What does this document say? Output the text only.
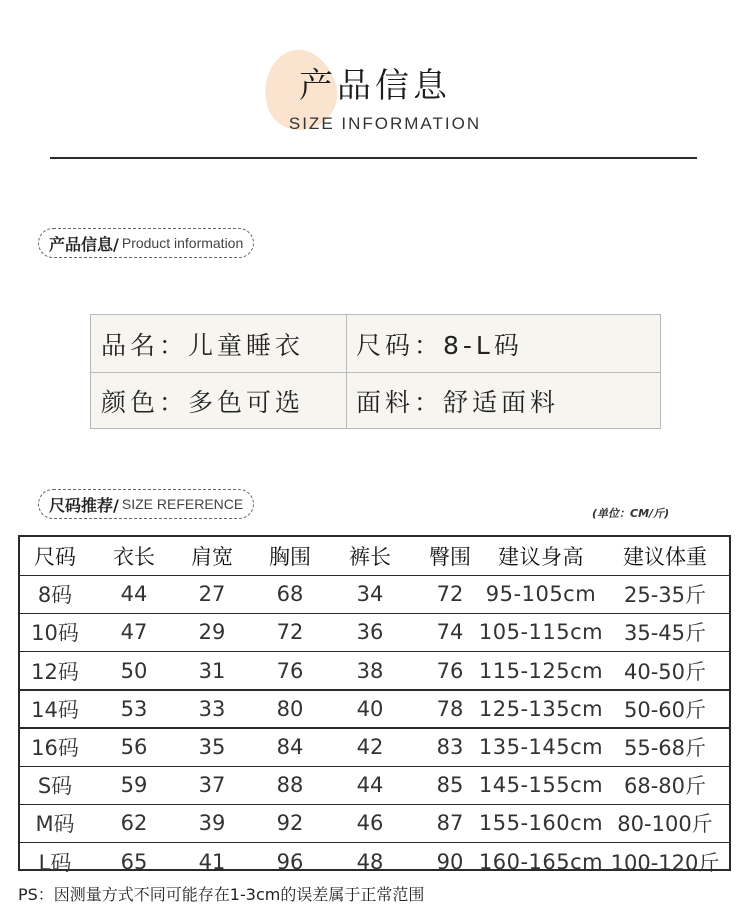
产品信息
SIZE INFORMATION
产品信息/ Product information
品名：儿童睡衣	尺码：8-L码
颜色：多色可选	面料：舒适面料
尺码推荐/ SIZE REFERENCE
(单位：CM/斤)
尺码	衣长	肩宽	胸围	裤长	臀围	建议身高	建议体重
8码	44	27	68	34	72	95-105cm	25-35斤
10码	47	29	72	36	74 105-115cm 35-45斤
12码	50	31	76	38	76 115-125cm 40-50斤
14码	53	33	80	40	78 125-135cm 50-60斤
16码	56	35	84	42	83 135-145cm 55-68斤
S码	59	37	88	44	85 145-155cm 68-80斤
M码	62	39	92	46	87 155-160cm 80-100斤
L码	65	41	96	48	90 160-165cm 100-120斤
PS：因测量方式不同可能存在1-3cm的误差属于正常范围
